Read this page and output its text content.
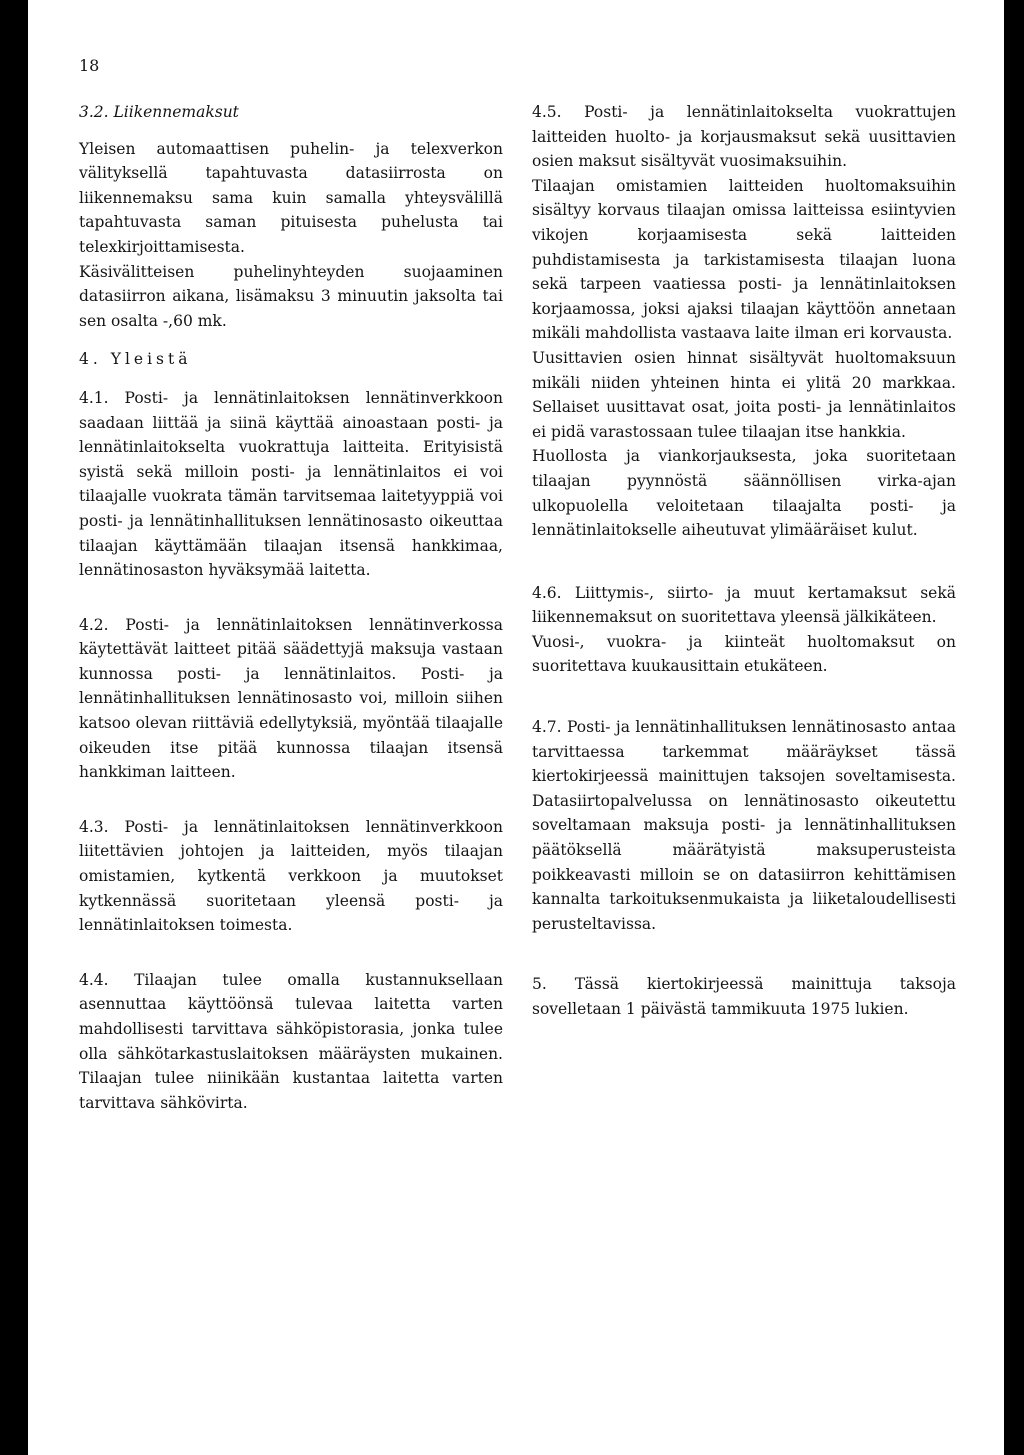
18

3.2. Liikennemaksut

Yleisen automaattisen puhelin- ja telexverkon välityksellä tapahtuvasta datasiirrosta on liikennemaksu sama kuin samalla yhteysvälillä tapahtuvasta saman pituisesta puhelusta tai telexkirjoittamisesta.

Käsivälitteisen puhelinyhteyden suojaaminen datasiirron aikana, lisämaksu 3 minuutin jaksolta tai sen osalta -,60 mk.

4. Yleistä

4.1. Posti- ja lennätinlaitoksen lennätinverkkoon saadaan liittää ja siinä käyttää ainoastaan posti- ja lennätinlaitokselta vuokrattuja laitteita. Erityisistä syistä sekä milloin posti- ja lennätinlaitos ei voi tilaajalle vuokrata tämän tarvitsemaa laitetyyppiä voi posti- ja lennätinhallituksen lennätinosasto oikeuttaa tilaajan käyttämään tilaajan itsensä hankkimaa, lennätinosaston hyväksymää laitetta.

4.2. Posti- ja lennätinlaitoksen lennätinverkossa käytettävät laitteet pitää säädettyjä maksuja vastaan kunnossa posti- ja lennätinlaitos. Posti- ja lennätinhallituksen lennätinosasto voi, milloin siihen katsoo olevan riittäviä edellytyksiä, myöntää tilaajalle oikeuden itse pitää kunnossa tilaajan itsensä hankkiman laitteen.

4.3. Posti- ja lennätinlaitoksen lennätinverkkoon liitettävien johtojen ja laitteiden, myös tilaajan omistamien, kytkentä verkkoon ja muutokset kytkennässä suoritetaan yleensä posti- ja lennätinlaitoksen toimesta.

4.4. Tilaajan tulee omalla kustannuksellaan asennuttaa käyttöönsä tulevaa laitetta varten mahdollisesti tarvittava sähköpistorasia, jonka tulee olla sähkötarkastuslaitoksen määräysten mukainen. Tilaajan tulee niinikään kustantaa laitetta varten tarvittava sähkövirta.

4.5. Posti- ja lennätinlaitokselta vuokrattujen laitteiden huolto- ja korjausmaksut sekä uusittavien osien maksut sisältyvät vuosimaksuihin.

Tilaajan omistamien laitteiden huoltomaksuihin sisältyy korvaus tilaajan omissa laitteissa esiintyvien vikojen korjaamisesta sekä laitteiden puhdistamisesta ja tarkistamisesta tilaajan luona sekä tarpeen vaatiessa posti- ja lennätinlaitoksen korjaamossa, joksi ajaksi tilaajan käyttöön annetaan mikäli mahdollista vastaava laite ilman eri korvausta.

Uusittavien osien hinnat sisältyvät huoltomaksuun mikäli niiden yhteinen hinta ei ylitä 20 markkaa. Sellaiset uusittavat osat, joita posti- ja lennätinlaitos ei pidä varastossaan tulee tilaajan itse hankkia.

Huollosta ja viankorjauksesta, joka suoritetaan tilaajan pyynnöstä säännöllisen virka-ajan ulkopuolella veloitetaan tilaajalta posti- ja lennätinlaitokselle aiheutuvat ylimääräiset kulut.

4.6. Liittymis-, siirto- ja muut kertamaksut sekä liikennemaksut on suoritettava yleensä jälkikäteen.

Vuosi-, vuokra- ja kiinteät huoltomaksut on suoritettava kuukausittain etukäteen.

4.7. Posti- ja lennätinhallituksen lennätinosasto antaa tarvittaessa tarkemmat määräykset tässä kiertokirjeessä mainittujen taksojen soveltamisesta. Datasiirtopalvelussa on lennätinosasto oikeutettu soveltamaan maksuja posti- ja lennätinhallituksen päätöksellä määrätyistä maksuperusteista poikkeavasti milloin se on datasiirron kehittämisen kannalta tarkoituksenmukaista ja liiketaloudellisesti perusteltavissa.

5. Tässä kiertokirjeessä mainittuja taksoja sovelletaan 1 päivästä tammikuuta 1975 lukien.
